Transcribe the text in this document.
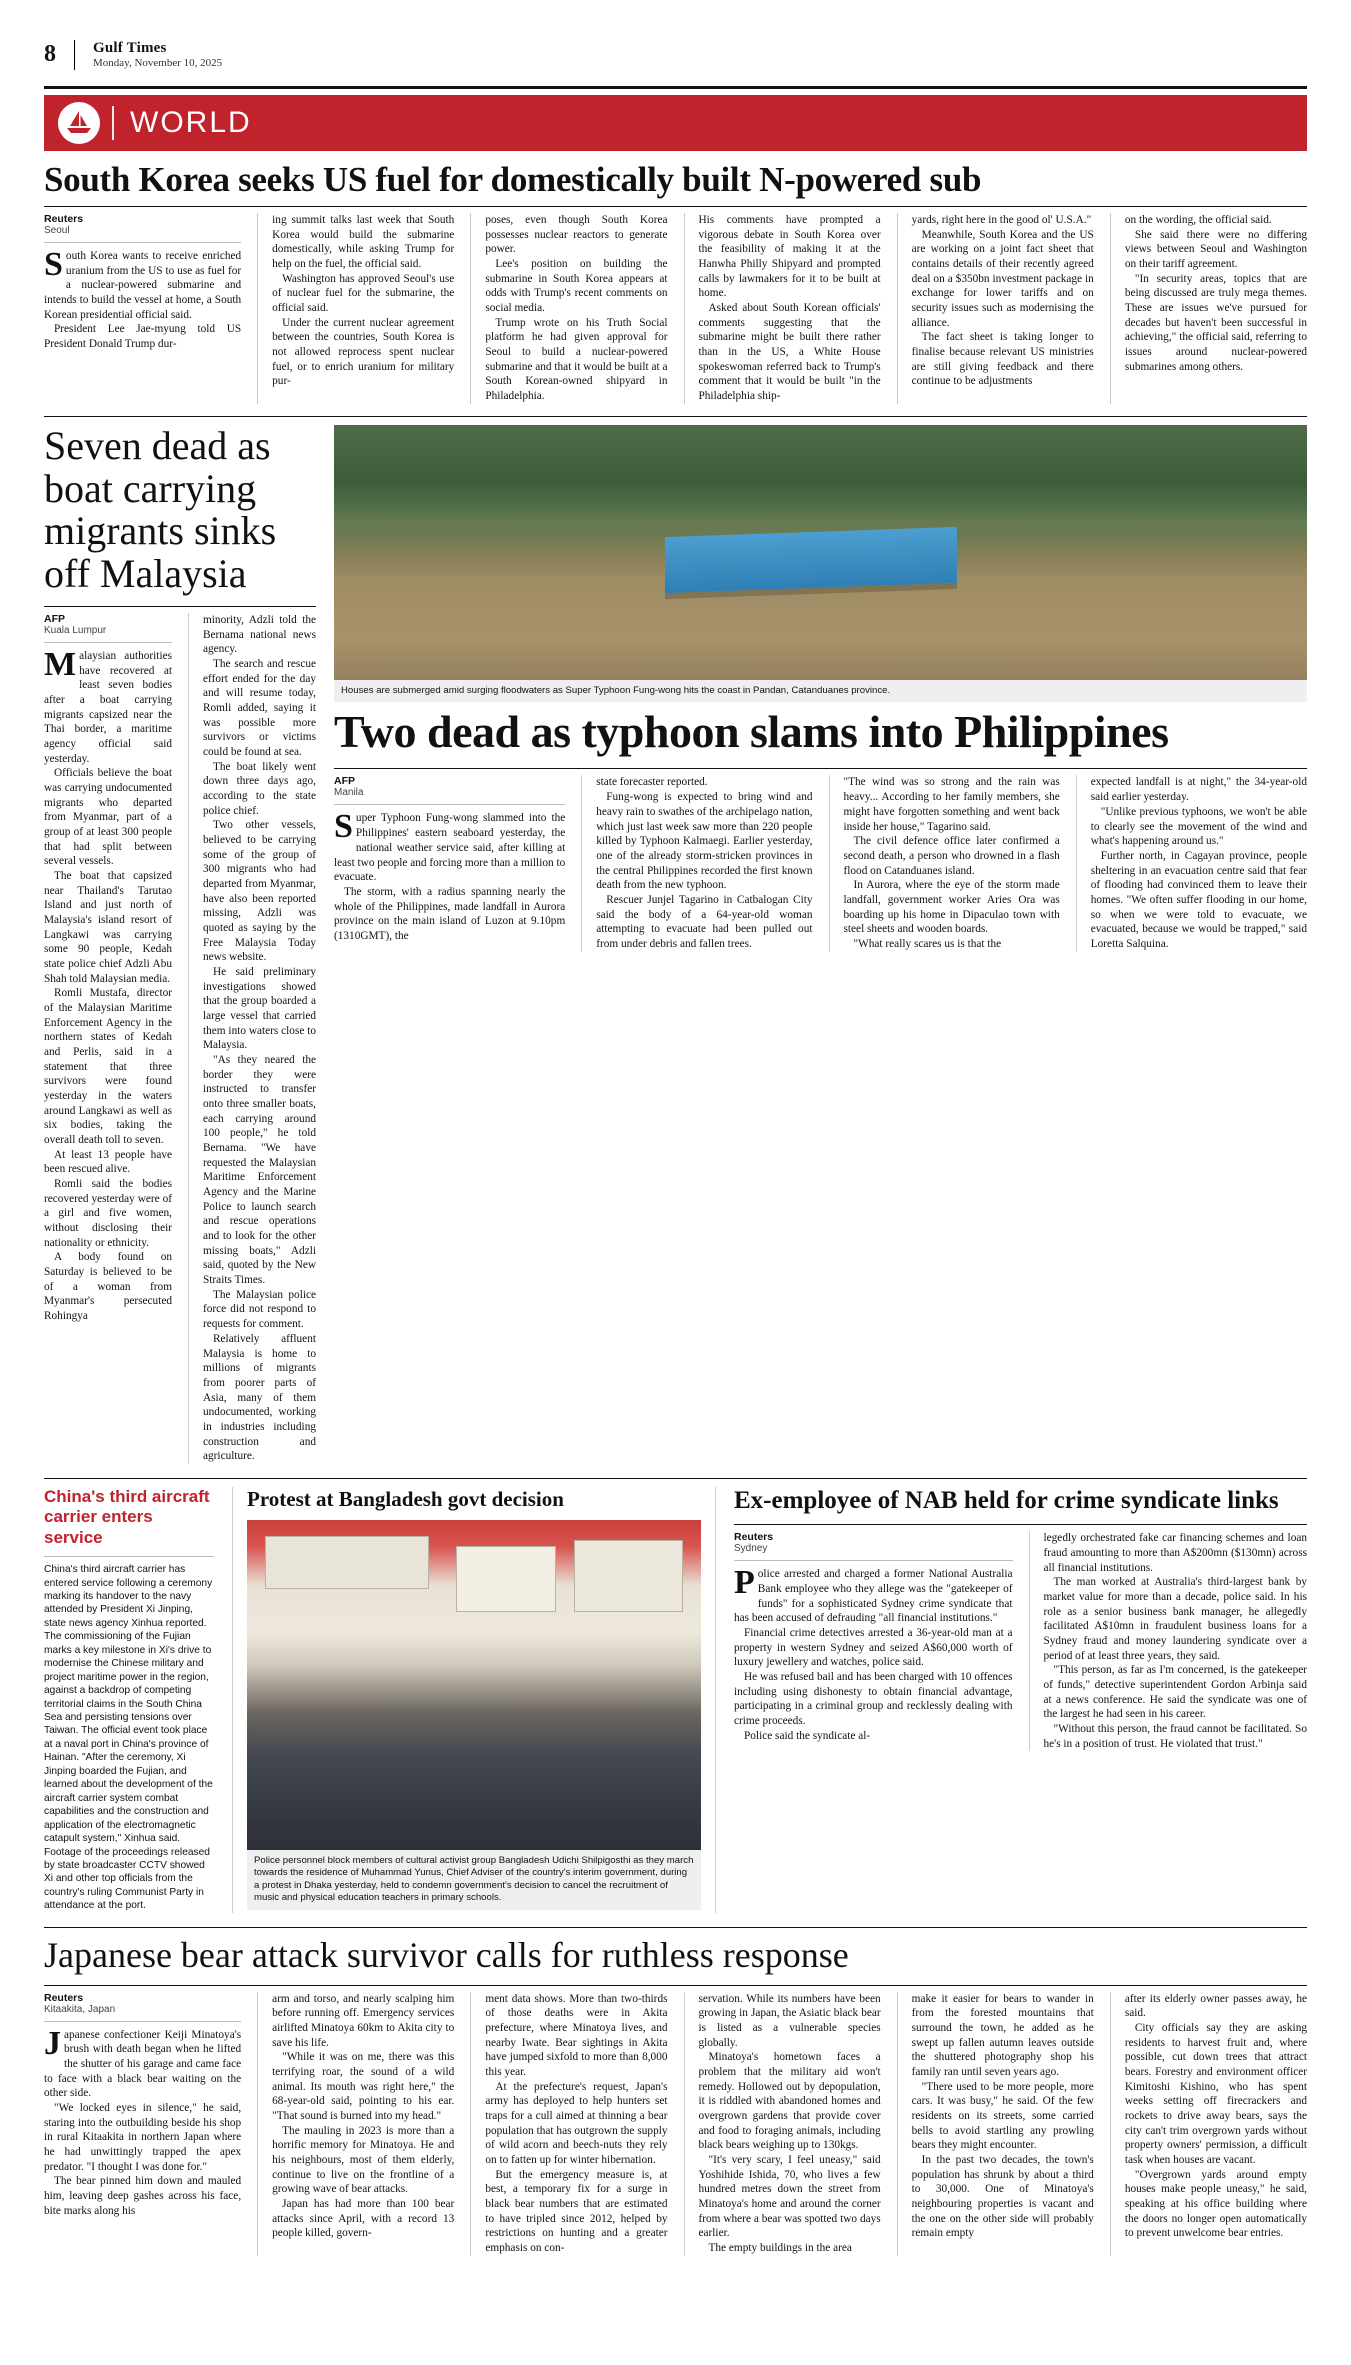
8 Gulf Times
Monday, November 10, 2025
WORLD
South Korea seeks US fuel for domestically built N-powered sub
Reuters
Seoul

South Korea wants to receive enriched uranium from the US to use as fuel for a nuclear-powered submarine and intends to build the vessel at home, a South Korean presidential official said.

President Lee Jae-myung told US President Donald Trump dur-

ing summit talks last week that South Korea would build the submarine domestically, while asking Trump for help on the fuel, the official said.

Washington has approved Seoul's use of nuclear fuel for the submarine, the official said.

Under the current nuclear agreement between the countries, South Korea is not allowed reprocess spent nuclear fuel, or to enrich uranium for military pur-

poses, even though South Korea possesses nuclear reactors to generate power.

Lee's position on building the submarine in South Korea appears at odds with Trump's recent comments on social media.

Trump wrote on his Truth Social platform he had given approval for Seoul to build a nuclear-powered submarine and that it would be built at a South Korean-owned shipyard in Philadelphia.

His comments have prompted a vigorous debate in South Korea over the feasibility of making it at the Hanwha Philly Shipyard and prompted calls by lawmakers for it to be built at home.

Asked about South Korean officials' comments suggesting that the submarine might be built there rather than in the US, a White House spokeswoman referred back to Trump's comment that it would be built "in the Philadelphia ship-

yards, right here in the good ol' U.S.A."

Meanwhile, South Korea and the US are working on a joint fact sheet that contains details of their recently agreed deal on a $350bn investment package in exchange for lower tariffs and on security issues such as modernising the alliance.

The fact sheet is taking longer to finalise because relevant US ministries are still giving feedback and there continue to be adjustments

on the wording, the official said.

She said there were no differing views between Seoul and Washington on their tariff agreement.

"In security areas, topics that are being discussed are truly mega themes. These are issues we've pursued for decades but haven't been successful in achieving," the official said, referring to issues around nuclear-powered submarines among others.

Seven dead as boat carrying migrants sinks off Malaysia
AFP
Kuala Lumpur

Malaysian authorities have recovered at least seven bodies after a boat carrying migrants capsized near the Thai border, a maritime agency official said yesterday.

Officials believe the boat was carrying undocumented migrants who departed from Myanmar, part of a group of at least 300 people that had split between several vessels.

The boat that capsized near Thailand's Tarutao Island and just north of Malaysia's island resort of Langkawi was carrying some 90 people, Kedah state police chief Adzli Abu Shah told Malaysian media.

Romli Mustafa, director of the Malaysian Maritime Enforcement Agency in the northern states of Kedah and Perlis, said in a statement that three survivors were found yesterday in the waters around Langkawi as well as six bodies, taking the overall death toll to seven.

At least 13 people have been rescued alive.

Romli said the bodies recovered yesterday were of a girl and five women, without disclosing their nationality or ethnicity.

A body found on Saturday is believed to be of a woman from Myanmar's persecuted Rohingya

minority, Adzli told the Bernama national news agency.

The search and rescue effort ended for the day and will resume today, Romli added, saying it was possible more survivors or victims could be found at sea.

The boat likely went down three days ago, according to the state police chief.

Two other vessels, believed to be carrying some of the group of 300 migrants who had departed from Myanmar, have also been reported missing, Adzli was quoted as saying by the Free Malaysia Today news website.

He said preliminary investigations showed that the group boarded a large vessel that carried them into waters close to Malaysia.

"As they neared the border they were instructed to transfer onto three smaller boats, each carrying around 100 people," he told Bernama. "We have requested the Malaysian Maritime Enforcement Agency and the Marine Police to launch search and rescue operations and to look for the other missing boats," Adzli said, quoted by the New Straits Times.

The Malaysian police force did not respond to requests for comment.

Relatively affluent Malaysia is home to millions of migrants from poorer parts of Asia, many of them undocumented, working in industries including construction and agriculture.

Houses are submerged amid surging floodwaters as Super Typhoon Fung-wong hits the coast in Pandan, Catanduanes province.
Two dead as typhoon slams into Philippines
AFP
Manila

Super Typhoon Fung-wong slammed into the Philippines' eastern seaboard yesterday, the national weather service said, after killing at least two people and forcing more than a million to evacuate.

The storm, with a radius spanning nearly the whole of the Philippines, made landfall in Aurora province on the main island of Luzon at 9.10pm (1310GMT), the

state forecaster reported.

Fung-wong is expected to bring wind and heavy rain to swathes of the archipelago nation, which just last week saw more than 220 people killed by Typhoon Kalmaegi. Earlier yesterday, one of the already storm-stricken provinces in the central Philippines recorded the first known death from the new typhoon.

Rescuer Junjel Tagarino in Catbalogan City said the body of a 64-year-old woman attempting to evacuate had been pulled out from under debris and fallen trees.

"The wind was so strong and the rain was heavy... According to her family members, she might have forgotten something and went back inside her house," Tagarino said.

The civil defence office later confirmed a second death, a person who drowned in a flash flood on Catanduanes island.

In Aurora, where the eye of the storm made landfall, government worker Aries Ora was boarding up his home in Dipaculao town with steel sheets and wooden boards.

"What really scares us is that the

expected landfall is at night," the 34-year-old said earlier yesterday.

"Unlike previous typhoons, we won't be able to clearly see the movement of the wind and what's happening around us."

Further north, in Cagayan province, people sheltering in an evacuation centre said that fear of flooding had convinced them to leave their homes. "We often suffer flooding in our home, so when we were told to evacuate, we evacuated, because we would be trapped," said Loretta Salquina.

China's third aircraft carrier enters service

China's third aircraft carrier has entered service following a ceremony marking its handover to the navy attended by President Xi Jinping, state news agency Xinhua reported. The commissioning of the Fujian marks a key milestone in Xi's drive to modernise the Chinese military and project maritime power in the region, against a backdrop of competing territorial claims in the South China Sea and persisting tensions over Taiwan. The official event took place at a naval port in China's province of Hainan. "After the ceremony, Xi Jinping boarded the Fujian, and learned about the development of the aircraft carrier system combat capabilities and the construction and application of the electromagnetic catapult system," Xinhua said. Footage of the proceedings released by state broadcaster CCTV showed Xi and other top officials from the country's ruling Communist Party in attendance at the port.

Protest at Bangladesh govt decision
Police personnel block members of cultural activist group Bangladesh Udichi Shilpigosthi as they march towards the residence of Muhammad Yunus, Chief Adviser of the country's interim government, during a protest in Dhaka yesterday, held to condemn government's decision to cancel the recruitment of music and physical education teachers in primary schools.
Ex-employee of NAB held for crime syndicate links
Reuters
Sydney

Police arrested and charged a former National Australia Bank employee who they allege was the "gatekeeper of funds" for a sophisticated Sydney crime syndicate that has been accused of defrauding "all financial institutions."

Financial crime detectives arrested a 36-year-old man at a property in western Sydney and seized A$60,000 worth of luxury jewellery and watches, police said.

He was refused bail and has been charged with 10 offences including using dishonesty to obtain financial advantage, participating in a criminal group and recklessly dealing with crime proceeds.

Police said the syndicate al-

legedly orchestrated fake car financing schemes and loan fraud amounting to more than A$200mn ($130mn) across all financial institutions.

The man worked at Australia's third-largest bank by market value for more than a decade, police said. In his role as a senior business bank manager, he allegedly facilitated A$10mn in fraudulent business loans for a Sydney fraud and money laundering syndicate over a period of at least three years, they said.

"This person, as far as I'm concerned, is the gatekeeper of funds," detective superintendent Gordon Arbinja said at a news conference. He said the syndicate was one of the largest he had seen in his career.

"Without this person, the fraud cannot be facilitated. So he's in a position of trust. He violated that trust."

Japanese bear attack survivor calls for ruthless response
Reuters
Kitaakita, Japan

Japanese confectioner Keiji Minatoya's brush with death began when he lifted the shutter of his garage and came face to face with a black bear waiting on the other side.

"We locked eyes in silence," he said, staring into the outbuilding beside his shop in rural Kitaakita in northern Japan where he had unwittingly trapped the apex predator. "I thought I was done for."

The bear pinned him down and mauled him, leaving deep gashes across his face, bite marks along his

arm and torso, and nearly scalping him before running off. Emergency services airlifted Minatoya 60km to Akita city to save his life.

"While it was on me, there was this terrifying roar, the sound of a wild animal. Its mouth was right here," the 68-year-old said, pointing to his ear. "That sound is burned into my head."

The mauling in 2023 is more than a horrific memory for Minatoya. He and his neighbours, most of them elderly, continue to live on the frontline of a growing wave of bear attacks.

Japan has had more than 100 bear attacks since April, with a record 13 people killed, govern-

ment data shows. More than two-thirds of those deaths were in Akita prefecture, where Minatoya lives, and nearby Iwate. Bear sightings in Akita have jumped sixfold to more than 8,000 this year.

At the prefecture's request, Japan's army has deployed to help hunters set traps for a cull aimed at thinning a bear population that has outgrown the supply of wild acorn and beech-nuts they rely on to fatten up for winter hibernation.

But the emergency measure is, at best, a temporary fix for a surge in black bear numbers that are estimated to have tripled since 2012, helped by restrictions on hunting and a greater emphasis on con-

servation. While its numbers have been growing in Japan, the Asiatic black bear is listed as a vulnerable species globally.

Minatoya's hometown faces a problem that the military aid won't remedy. Hollowed out by depopulation, it is riddled with abandoned homes and overgrown gardens that provide cover and food to foraging animals, including black bears weighing up to 130kgs.

"It's very scary, I feel uneasy," said Yoshihide Ishida, 70, who lives a few hundred metres down the street from Minatoya's home and around the corner from where a bear was spotted two days earlier.

The empty buildings in the area

make it easier for bears to wander in from the forested mountains that surround the town, he added as he swept up fallen autumn leaves outside the shuttered photography shop his family ran until seven years ago.

"There used to be more people, more cars. It was busy," he said. Of the few residents on its streets, some carried bells to avoid startling any prowling bears they might encounter.

In the past two decades, the town's population has shrunk by about a third to 30,000. One of Minatoya's neighbouring properties is vacant and the one on the other side will probably remain empty

after its elderly owner passes away, he said.

City officials say they are asking residents to harvest fruit and, where possible, cut down trees that attract bears. Forestry and environment officer Kimitoshi Kishino, who has spent weeks setting off firecrackers and rockets to drive away bears, says the city can't trim overgrown yards without property owners' permission, a difficult task when houses are vacant.

"Overgrown yards around empty houses make people uneasy," he said, speaking at his office building where the doors no longer open automatically to prevent unwelcome bear entries.
